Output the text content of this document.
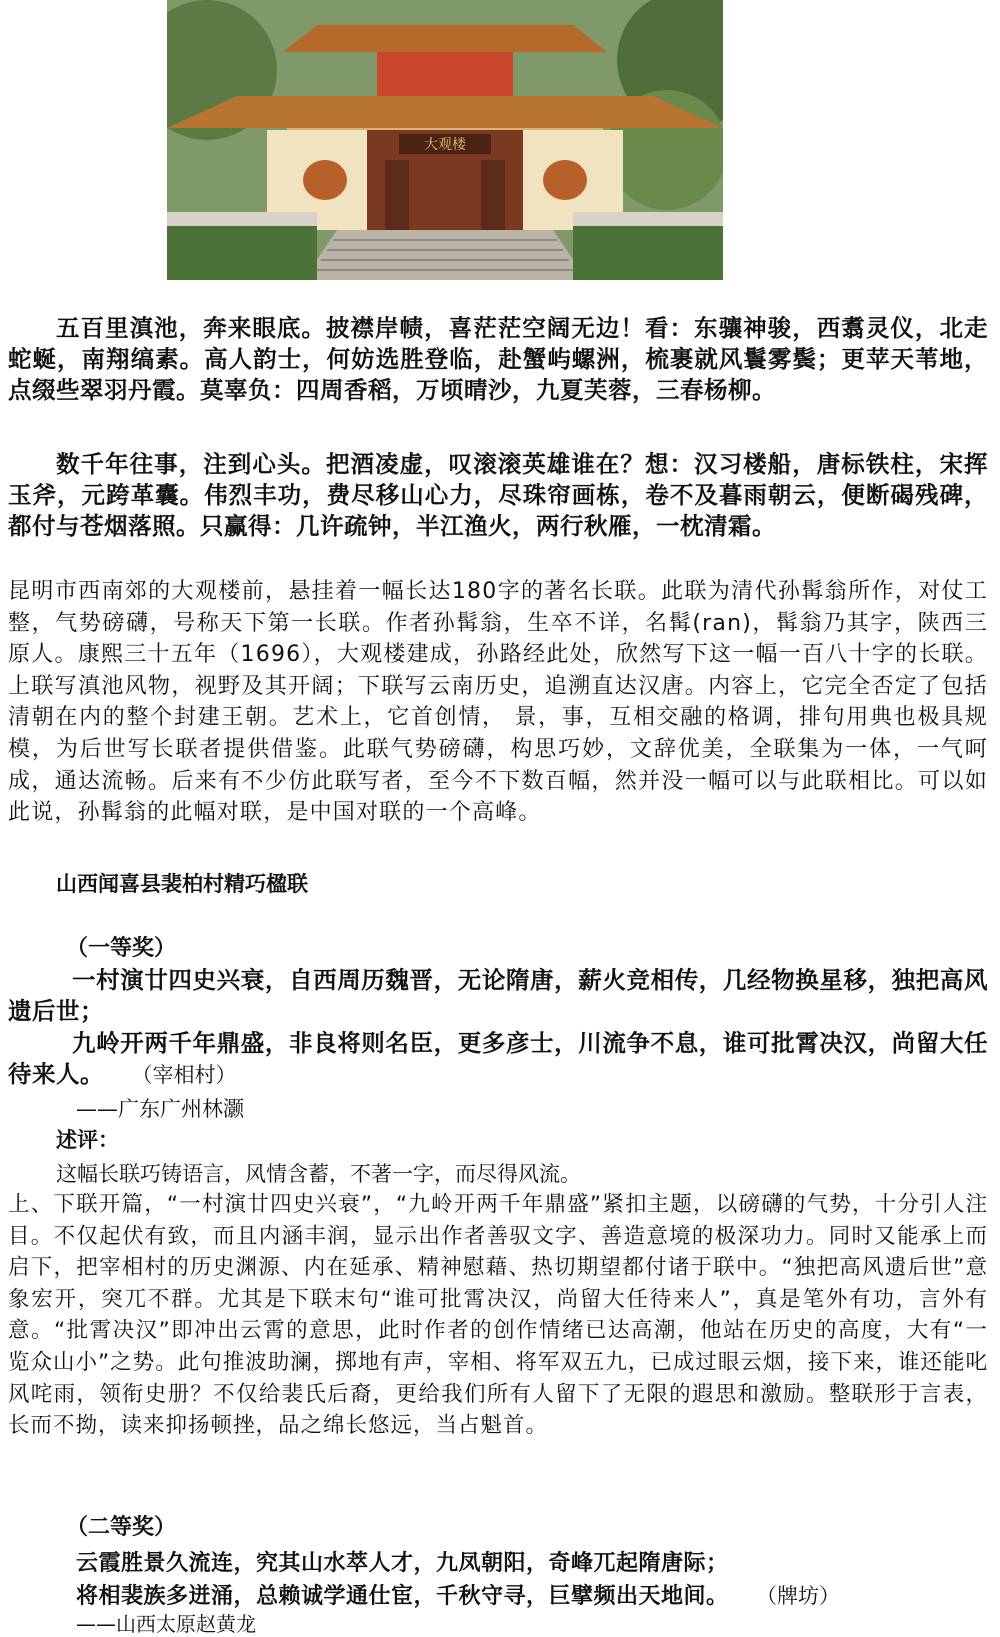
大观楼

五百里滇池，奔来眼底。披襟岸帻，喜茫茫空阔无边！看：东骧神骏，西翥灵仪，北走蛇蜒，南翔缟素。高人韵士，何妨选胜登临，赴蟹屿螺洲，梳裹就风鬟雾鬓；更苹天苇地，点缀些翠羽丹霞。莫辜负：四周香稻，万顷晴沙，九夏芙蓉，三春杨柳。

数千年往事，注到心头。把酒凌虚，叹滚滚英雄谁在？想：汉习楼船，唐标铁柱，宋挥玉斧，元跨革囊。伟烈丰功，费尽移山心力，尽珠帘画栋，卷不及暮雨朝云，便断碣残碑，都付与苍烟落照。只赢得：几许疏钟，半江渔火，两行秋雁，一枕清霜。

昆明市西南郊的大观楼前，悬挂着一幅长达180字的著名长联。此联为清代孙髯翁所作，对仗工整，气势磅礴，号称天下第一长联。作者孙髯翁，生卒不详，名髯(ran)，髯翁乃其字，陕西三原人。康熙三十五年（1696），大观楼建成，孙路经此处，欣然写下这一幅一百八十字的长联。上联写滇池风物，视野及其开阔；下联写云南历史，追溯直达汉唐。内容上，它完全否定了包括清朝在内的整个封建王朝。艺术上，它首创情， 景，事，互相交融的格调，排句用典也极具规模，为后世写长联者提供借鉴。此联气势磅礴，构思巧妙，文辞优美，全联集为一体，一气呵成，通达流畅。后来有不少仿此联写者，至今不下数百幅，然并没一幅可以与此联相比。可以如此说，孙髯翁的此幅对联，是中国对联的一个高峰。

山西闻喜县裴柏村精巧楹联
（一等奖）

一村演廿四史兴衰，自西周历魏晋，无论隋唐，薪火竞相传，几经物换星移，独把高风遗后世；

九岭开两千年鼎盛，非良将则名臣，更多彦士，川流争不息，谁可批霄决汉，尚留大任待来人。 （宰相村）

——广东广州林灏
述评：
这幅长联巧铸语言，风情含蓄，不著一字，而尽得风流。

上、下联开篇，“一村演廿四史兴衰”，“九岭开两千年鼎盛”紧扣主题，以磅礴的气势，十分引人注目。不仅起伏有致，而且内涵丰润，显示出作者善驭文字、善造意境的极深功力。同时又能承上而启下，把宰相村的历史渊源、内在延承、精神慰藉、热切期望都付诸于联中。“独把高风遗后世”意象宏开，突兀不群。尤其是下联末句“谁可批霄决汉，尚留大任待来人”，真是笔外有功，言外有意。“批霄决汉”即冲出云霄的意思，此时作者的创作情绪已达高潮，他站在历史的高度，大有“一览众山小”之势。此句推波助澜，掷地有声，宰相、将军双五九，已成过眼云烟，接下来，谁还能叱风咤雨，领衔史册？不仅给裴氏后裔，更给我们所有人留下了无限的遐思和激励。整联形于言表，长而不拗，读来抑扬顿挫，品之绵长悠远，当占魁首。

（二等奖）
云霞胜景久流连，究其山水萃人才，九凤朝阳，奇峰兀起隋唐际；
将相裴族多迸涌，总赖诚学通仕宦，千秋守寻，巨擘频出天地间。 （牌坊）
——山西太原赵黄龙
